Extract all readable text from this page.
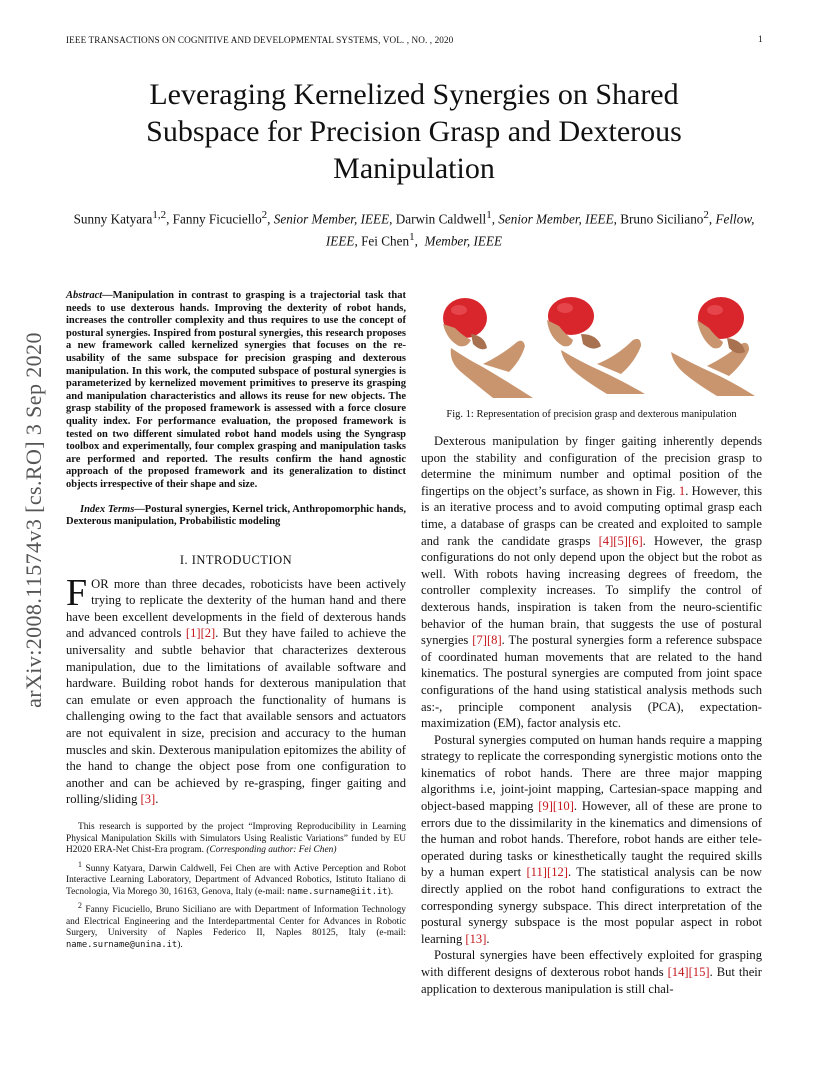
IEEE TRANSACTIONS ON COGNITIVE AND DEVELOPMENTAL SYSTEMS, VOL. , NO. , 2020	1
Leveraging Kernelized Synergies on Shared Subspace for Precision Grasp and Dexterous Manipulation
Sunny Katyara$^{1,2}$, Fanny Ficuciello$^2$, Senior Member, IEEE, Darwin Caldwell$^1$, Senior Member, IEEE, Bruno Siciliano$^2$, Fellow, IEEE, Fei Chen$^1$,  Member, IEEE
arXiv:2008.11574v3 [cs.RO] 3 Sep 2020

Abstract—Manipulation in contrast to grasping is a trajectorial task that needs to use dexterous hands. Improving the dexterity of robot hands, increases the controller complexity and thus requires to use the concept of postural synergies. Inspired from postural synergies, this research proposes a new framework called kernelized synergies that focuses on the re-usability of the same subspace for precision grasping and dexterous manipulation. In this work, the computed subspace of postural synergies is parameterized by kernelized movement primitives to preserve its grasping and manipulation characteristics and allows its reuse for new objects. The grasp stability of the proposed framework is assessed with a force closure quality index. For performance evaluation, the proposed framework is tested on two different simulated robot hand models using the Syngrasp toolbox and experimentally, four complex grasping and manipulation tasks are performed and reported. The results confirm the hand agnostic approach of the proposed framework and its generalization to distinct objects irrespective of their shape and size.

Index Terms—Postural synergies, Kernel trick, Anthropomorphic hands, Dexterous manipulation, Probabilistic modeling

I. INTRODUCTION

FOR more than three decades, roboticists have been actively trying to replicate the dexterity of the human hand and there have been excellent developments in the field of dexterous hands and advanced controls [1][2]. But they have failed to achieve the universality and subtle behavior that characterizes dexterous manipulation, due to the limitations of available software and hardware. Building robot hands for dexterous manipulation that can emulate or even approach the functionality of humans is challenging owing to the fact that available sensors and actuators are not equivalent in size, precision and accuracy to the human muscles and skin. Dexterous manipulation epitomizes the ability of the hand to change the object pose from one configuration to another and can be achieved by re-grasping, finger gaiting and rolling/sliding [3].

This research is supported by the project “Improving Reproducibility in Learning Physical Manipulation Skills with Simulators Using Realistic Variations” funded by EU H2020 ERA-Net Chist-Era program. (Corresponding author: Fei Chen)

$^1$ Sunny Katyara, Darwin Caldwell, Fei Chen are with Active Perception and Robot Interactive Learning Laboratory, Department of Advanced Robotics, Istituto Italiano di Tecnologia, Via Morego 30, 16163, Genova, Italy (e-mail: name.surname@iit.it).

$^2$ Fanny Ficuciello, Bruno Siciliano are with Department of Information Technology and Electrical Engineering and the Interdepartmental Center for Advances in Robotic Surgery, University of Naples Federico II, Naples 80125, Italy (e-mail: name.surname@unina.it).

Fig. 1: Representation of precision grasp and dexterous manipulation

Dexterous manipulation by finger gaiting inherently depends upon the stability and configuration of the precision grasp to determine the minimum number and optimal position of the fingertips on the object’s surface, as shown in Fig. 1. However, this is an iterative process and to avoid computing optimal grasp each time, a database of grasps can be created and exploited to sample and rank the candidate grasps [4][5][6]. However, the grasp configurations do not only depend upon the object but the robot as well. With robots having increasing degrees of freedom, the controller complexity increases. To simplify the control of dexterous hands, inspiration is taken from the neuro-scientific behavior of the human brain, that suggests the use of postural synergies [7][8]. The postural synergies form a reference subspace of coordinated human movements that are related to the hand kinematics. The postural synergies are computed from joint space configurations of the hand using statistical analysis methods such as:-, principle component analysis (PCA), expectation-maximization (EM), factor analysis etc.

Postural synergies computed on human hands require a mapping strategy to replicate the corresponding synergistic motions onto the kinematics of robot hands. There are three major mapping algorithms i.e, joint-joint mapping, Cartesian-space mapping and object-based mapping [9][10]. However, all of these are prone to errors due to the dissimilarity in the kinematics and dimensions of the human and robot hands. Therefore, robot hands are either tele-operated during tasks or kinesthetically taught the required skills by a human expert [11][12]. The statistical analysis can be now directly applied on the robot hand configurations to extract the corresponding synergy subspace. This direct interpretation of the postural synergy subspace is the most popular aspect in robot learning [13].

Postural synergies have been effectively exploited for grasping with different designs of dexterous robot hands [14][15]. But their application to dexterous manipulation is still chal-
